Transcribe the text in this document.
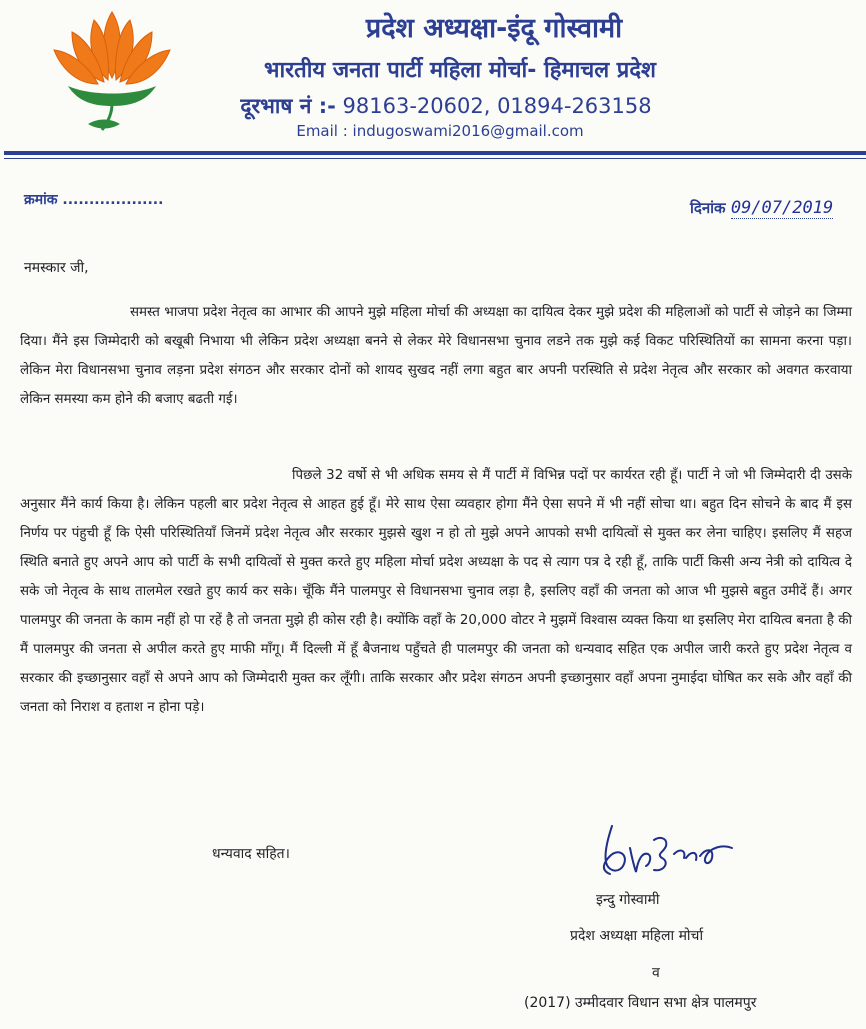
प्रदेश अध्यक्षा-इंदू गोस्वामी
भारतीय जनता पार्टी महिला मोर्चा- हिमाचल प्रदेश
दूरभाष नं :- 98163-20602, 01894-263158
Email : indugoswami2016@gmail.com
क्रमांक ...................	दिनांक 09/07/2019
नमस्कार जी,
समस्त भाजपा प्रदेश नेतृत्व का आभार की आपने मुझे महिला मोर्चा की अध्यक्षा का दायित्व देकर मुझे प्रदेश की महिलाओं को पार्टी से जोड़ने का जिम्मा दिया। मैंने इस जिम्मेदारी को बखूबी निभाया भी लेकिन प्रदेश अध्यक्षा बनने से लेकर मेरे विधानसभा चुनाव लडने तक मुझे कई विकट परिस्थितियों का सामना करना पड़ा। लेकिन मेरा विधानसभा चुनाव लड़ना प्रदेश संगठन और सरकार दोनों को शायद सुखद नहीं लगा बहुत बार अपनी परस्थिति से प्रदेश नेतृत्व और सरकार को अवगत करवाया लेकिन समस्या कम होने की बजाए बढती गई।
पिछले 32 वर्षो से भी अधिक समय से मैं पार्टी में विभिन्न पदों पर कार्यरत रही हूँ। पार्टी ने जो भी जिम्मेदारी दी उसके अनुसार मैंने कार्य किया है। लेकिन पहली बार प्रदेश नेतृत्व से आहत हुई हूँ। मेरे साथ ऐसा व्यवहार होगा मैंने ऐसा सपने में भी नहीं सोचा था। बहुत दिन सोचने के बाद मैं इस निर्णय पर पंहुची हूँ कि ऐसी परिस्थितियाँ जिनमें प्रदेश नेतृत्व और सरकार मुझसे खुश न हो तो मुझे अपने आपको सभी दायित्वों से मुक्त कर लेना चाहिए। इसलिए मैं सहज स्थिति बनाते हुए अपने आप को पार्टी के सभी दायित्वों से मुक्त करते हुए महिला मोर्चा प्रदेश अध्यक्षा के पद से त्याग पत्र दे रही हूँ, ताकि पार्टी किसी अन्य नेत्री को दायित्व दे सके जो नेतृत्व के साथ तालमेल रखते हुए कार्य कर सके। चूँकि मैंने पालमपुर से विधानसभा चुनाव लड़ा है, इसलिए वहाँ की जनता को आज भी मुझसे बहुत उमीदें हैं। अगर पालमपुर की जनता के काम नहीं हो पा रहें है तो जनता मुझे ही कोस रही है। क्योंकि वहाँ के 20,000 वोटर ने मुझमें विश्वास व्यक्त किया था इसलिए मेरा दायित्व बनता है की मैं पालमपुर की जनता से अपील करते हुए माफी माँगू। मैं दिल्ली में हूँ बैजनाथ पहुँचते ही पालमपुर की जनता को धन्यवाद सहित एक अपील जारी करते हुए प्रदेश नेतृत्व व सरकार की इच्छानुसार वहाँ से अपने आप को जिम्मेदारी मुक्त कर लूँगी। ताकि सरकार और प्रदेश संगठन अपनी इच्छानुसार वहाँ अपना नुमाईदा घोषित कर सके और वहाँ की जनता को निराश व हताश न होना पड़े।
धन्यवाद सहित।
इन्दु गोस्वामी
प्रदेश अध्यक्षा महिला मोर्चा
व
(2017) उम्मीदवार विधान सभा क्षेत्र पालमपुर
